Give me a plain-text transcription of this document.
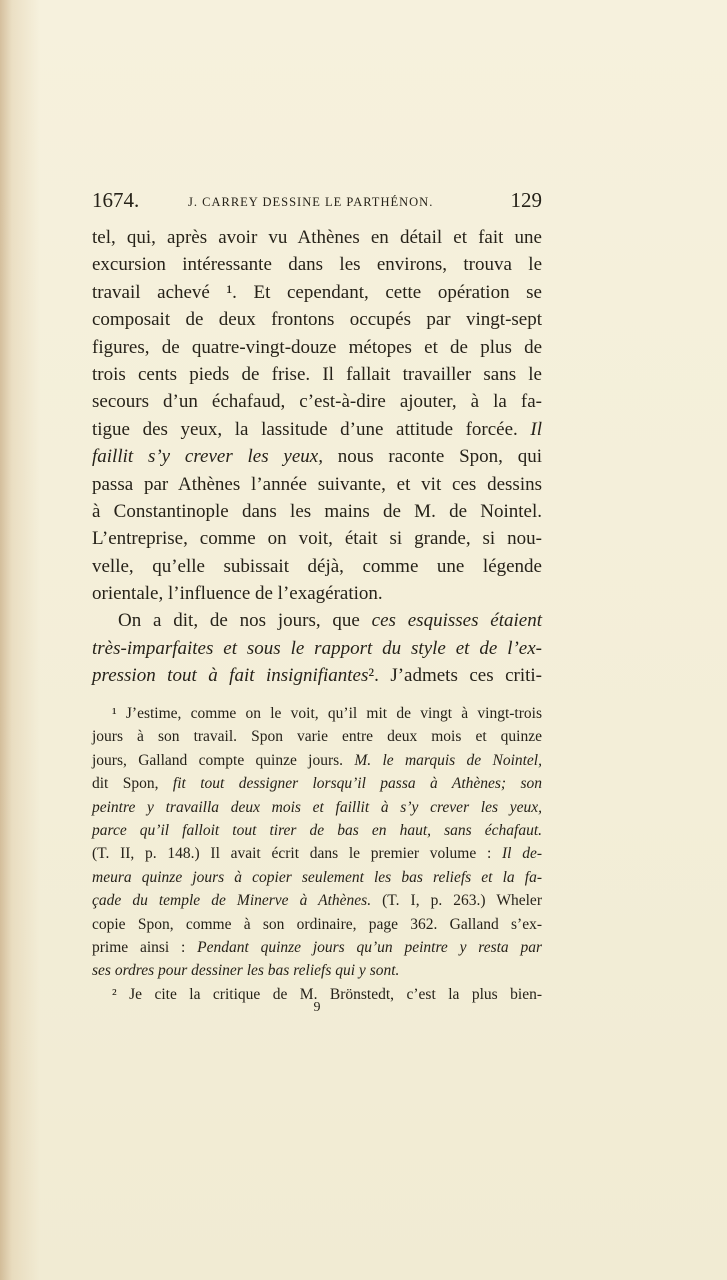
1674.	J. CARREY DESSINE LE PARTHÉNON.	129
tel, qui, après avoir vu Athènes en détail et fait une
excursion intéressante dans les environs, trouva le
travail achevé ¹. Et cependant, cette opération se
composait de deux frontons occupés par vingt-sept
figures, de quatre-vingt-douze métopes et de plus de
trois cents pieds de frise. Il fallait travailler sans le
secours d’un échafaud, c’est-à-dire ajouter, à la fa-
tigue des yeux, la lassitude d’une attitude forcée. Il
faillit s’y crever les yeux, nous raconte Spon, qui
passa par Athènes l’année suivante, et vit ces dessins
à Constantinople dans les mains de M. de Nointel.
L’entreprise, comme on voit, était si grande, si nou-
velle, qu’elle subissait déjà, comme une légende
orientale, l’influence de l’exagération.
On a dit, de nos jours, que ces esquisses étaient
très-imparfaites et sous le rapport du style et de l’ex-
pression tout à fait insignifiantes². J’admets ces criti-
¹ J’estime, comme on le voit, qu’il mit de vingt à vingt-trois
jours à son travail. Spon varie entre deux mois et quinze
jours, Galland compte quinze jours. M. le marquis de Nointel,
dit Spon, fit tout dessigner lorsqu’il passa à Athènes; son
peintre y travailla deux mois et faillit à s’y crever les yeux,
parce qu’il falloit tout tirer de bas en haut, sans échafaut.
(T. II, p. 148.) Il avait écrit dans le premier volume : Il de-
meura quinze jours à copier seulement les bas reliefs et la fa-
çade du temple de Minerve à Athènes. (T. I, p. 263.) Wheler
copie Spon, comme à son ordinaire, page 362. Galland s’ex-
prime ainsi : Pendant quinze jours qu’un peintre y resta par
ses ordres pour dessiner les bas reliefs qui y sont.
² Je cite la critique de M. Brönstedt, c’est la plus bien-
9
